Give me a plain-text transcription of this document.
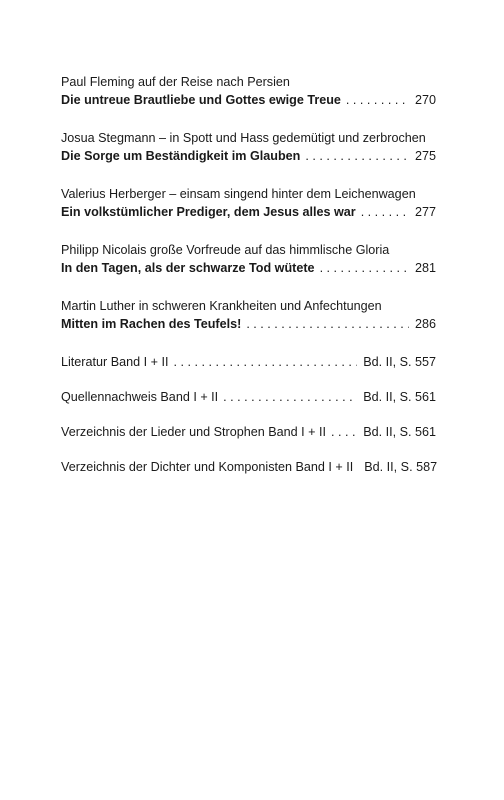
Paul Fleming auf der Reise nach Persien
Die untreue Brautliebe und Gottes ewige Treue . . .	270
Josua Stegmann – in Spott und Hass gedemütigt und zerbrochen
Die Sorge um Beständigkeit im Glauben . . .	275
Valerius Herberger – einsam singend hinter dem Leichenwagen
Ein volkstümlicher Prediger, dem Jesus alles war . . .	277
Philipp Nicolais große Vorfreude auf das himmlische Gloria
In den Tagen, als der schwarze Tod wütete . . .	281
Martin Luther in schweren Krankheiten und Anfechtungen
Mitten im Rachen des Teufels! . . .	286
Literatur Band I + II . . .	Bd. II, S. 557
Quellennachweis Band I + II . . .	Bd. II, S. 561
Verzeichnis der Lieder und Strophen Band I + II . . .	Bd. II, S. 561
Verzeichnis der Dichter und Komponisten Band I + II Bd. II, S. 587
